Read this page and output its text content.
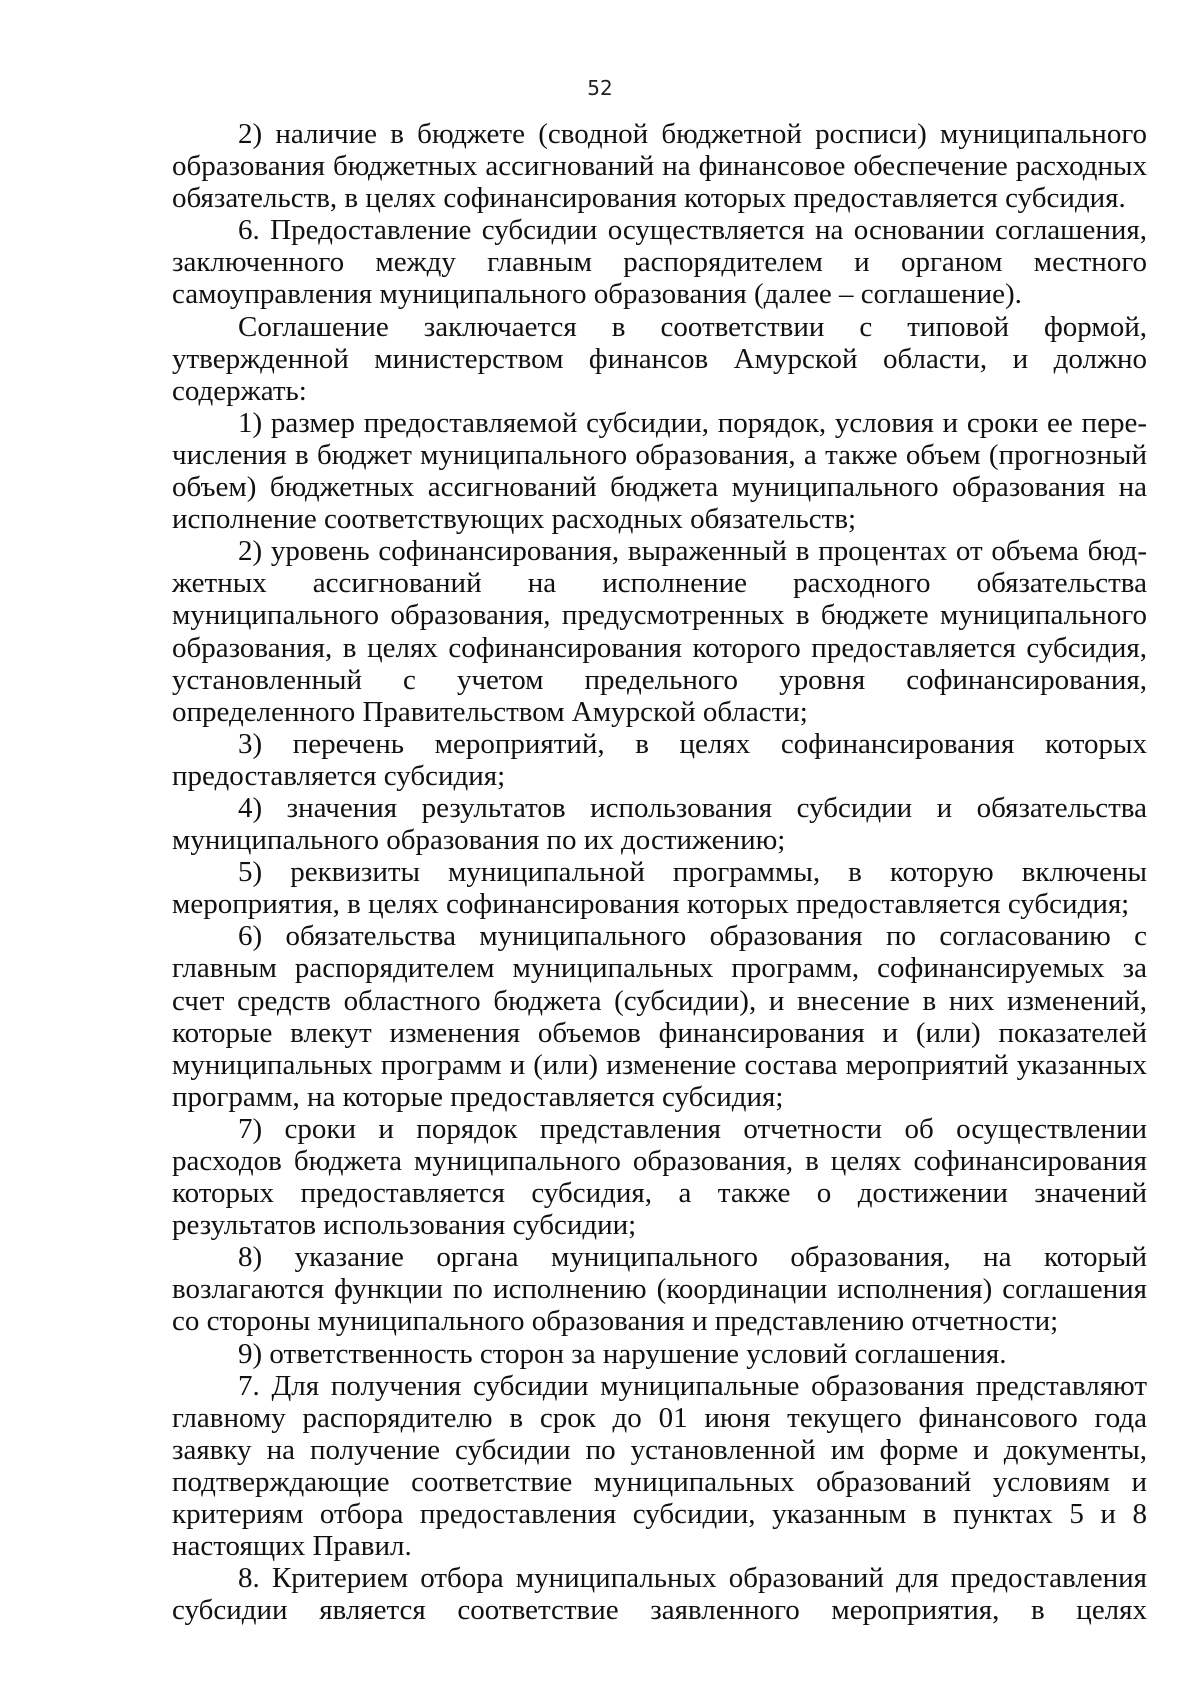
52

2) наличие в бюджете (сводной бюджетной росписи) муниципального образования бюджетных ассигнований на финансовое обеспечение расходных обязательств, в целях софинансирования которых предоставляется субсидия.

6. Предоставление субсидии осуществляется на основании соглашения, заключенного между главным распорядителем и органом местного самоуправления муниципального образования (далее – соглашение).

Соглашение заключается в соответствии с типовой формой, утвержденной министерством финансов Амурской области, и должно содержать:

1) размер предоставляемой субсидии, порядок, условия и сроки ее перечисления в бюджет муниципального образования, а также объем (прогнозный объем) бюджетных ассигнований бюджета муниципального образования на исполнение соответствующих расходных обязательств;

2) уровень софинансирования, выраженный в процентах от объема бюджетных ассигнований на исполнение расходного обязательства муниципального образования, предусмотренных в бюджете муниципального образования, в целях софинансирования которого предоставляется субсидия, установленный с учетом предельного уровня софинансирования, определенного Правительством Амурской области;

3) перечень мероприятий, в целях софинансирования которых предоставляется субсидия;

4) значения результатов использования субсидии и обязательства муниципального образования по их достижению;

5) реквизиты муниципальной программы, в которую включены мероприятия, в целях софинансирования которых предоставляется субсидия;

6) обязательства муниципального образования по согласованию с главным распорядителем муниципальных программ, софинансируемых за счет средств областного бюджета (субсидии), и внесение в них изменений, которые влекут изменения объемов финансирования и (или) показателей муниципальных программ и (или) изменение состава мероприятий указанных программ, на которые предоставляется субсидия;

7) сроки и порядок представления отчетности об осуществлении расходов бюджета муниципального образования, в целях софинансирования которых предоставляется субсидия, а также о достижении значений результатов использования субсидии;

8) указание органа муниципального образования, на который возлагаются функции по исполнению (координации исполнения) соглашения со стороны муниципального образования и представлению отчетности;

9) ответственность сторон за нарушение условий соглашения.

7. Для получения субсидии муниципальные образования представляют главному распорядителю в срок до 01 июня текущего финансового года заявку на получение субсидии по установленной им форме и документы, подтверждающие соответствие муниципальных образований условиям и критериям отбора предоставления субсидии, указанным в пунктах 5 и 8 настоящих Правил.

8. Критерием отбора муниципальных образований для предоставления субсидии является соответствие заявленного мероприятия, в целях
